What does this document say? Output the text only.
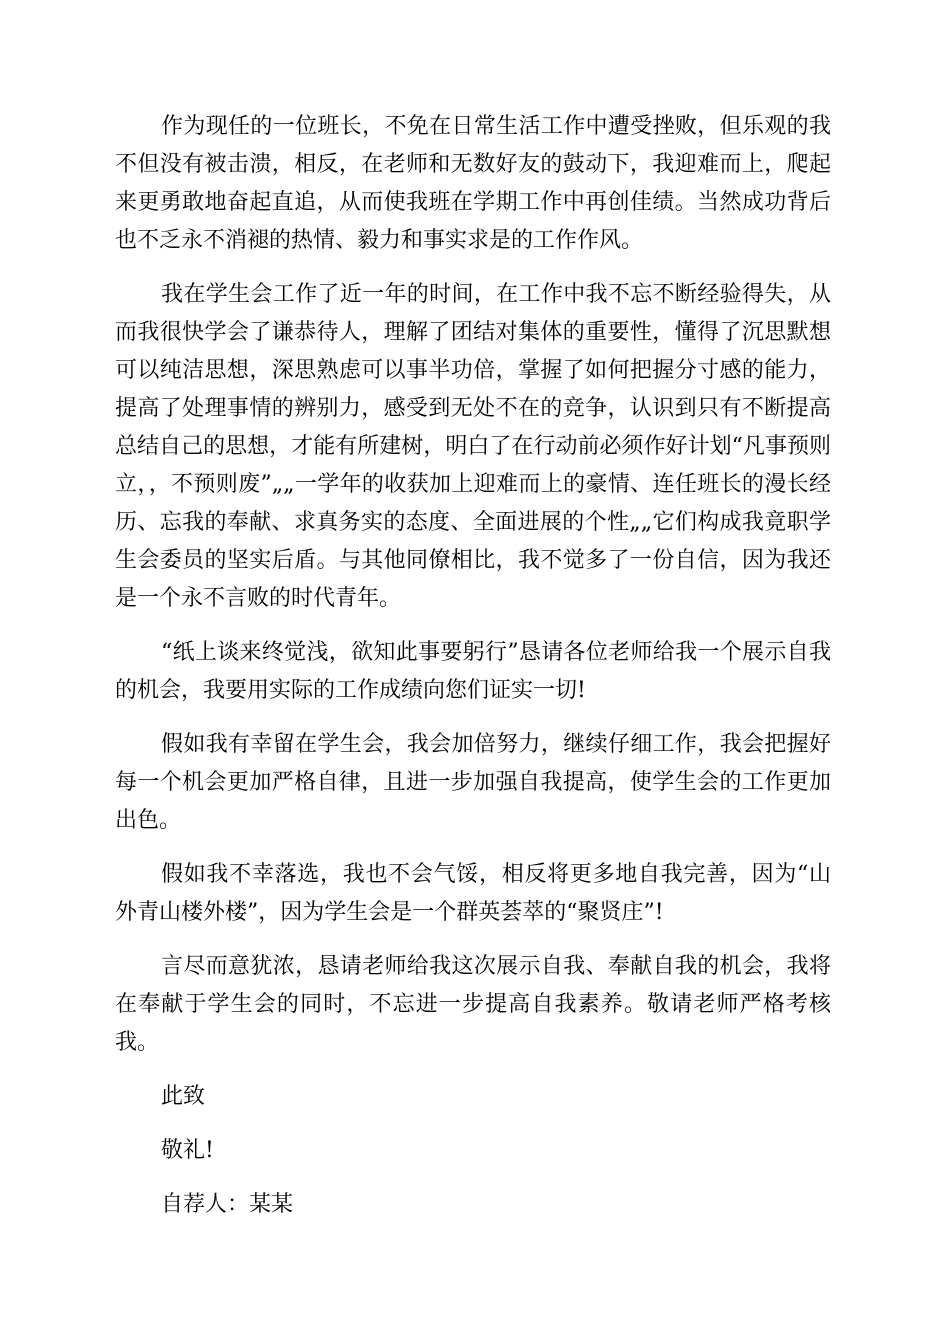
作为现任的一位班长，不免在日常生活工作中遭受挫败，但乐观的我不但没有被击溃，相反，在老师和无数好友的鼓动下，我迎难而上，爬起来更勇敢地奋起直追，从而使我班在学期工作中再创佳绩。当然成功背后也不乏永不消褪的热情、毅力和事实求是的工作作风。

我在学生会工作了近一年的时间，在工作中我不忘不断经验得失，从而我很快学会了谦恭待人，理解了团结对集体的重要性，懂得了沉思默想可以纯洁思想，深思熟虑可以事半功倍，掌握了如何把握分寸感的能力，提高了处理事情的辨别力，感受到无处不在的竞争，认识到只有不断提高总结自己的思想，才能有所建树，明白了在行动前必须作好计划“凡事预则立，，不预则废”„„一学年的收获加上迎难而上的豪情、连任班长的漫长经历、忘我的奉献、求真务实的态度、全面进展的个性„„它们构成我竟职学生会委员的坚实后盾。与其他同僚相比，我不觉多了一份自信，因为我还是一个永不言败的时代青年。

“纸上谈来终觉浅，欲知此事要躬行”恳请各位老师给我一个展示自我的机会，我要用实际的工作成绩向您们证实一切!

假如我有幸留在学生会，我会加倍努力，继续仔细工作，我会把握好每一个机会更加严格自律，且进一步加强自我提高，使学生会的工作更加出色。

假如我不幸落选，我也不会气馁，相反将更多地自我完善，因为“山外青山楼外楼”，因为学生会是一个群英荟萃的“聚贤庄”!

言尽而意犹浓，恳请老师给我这次展示自我、奉献自我的机会，我将在奉献于学生会的同时，不忘进一步提高自我素养。敬请老师严格考核我。

此致

敬礼!

自荐人：某某
